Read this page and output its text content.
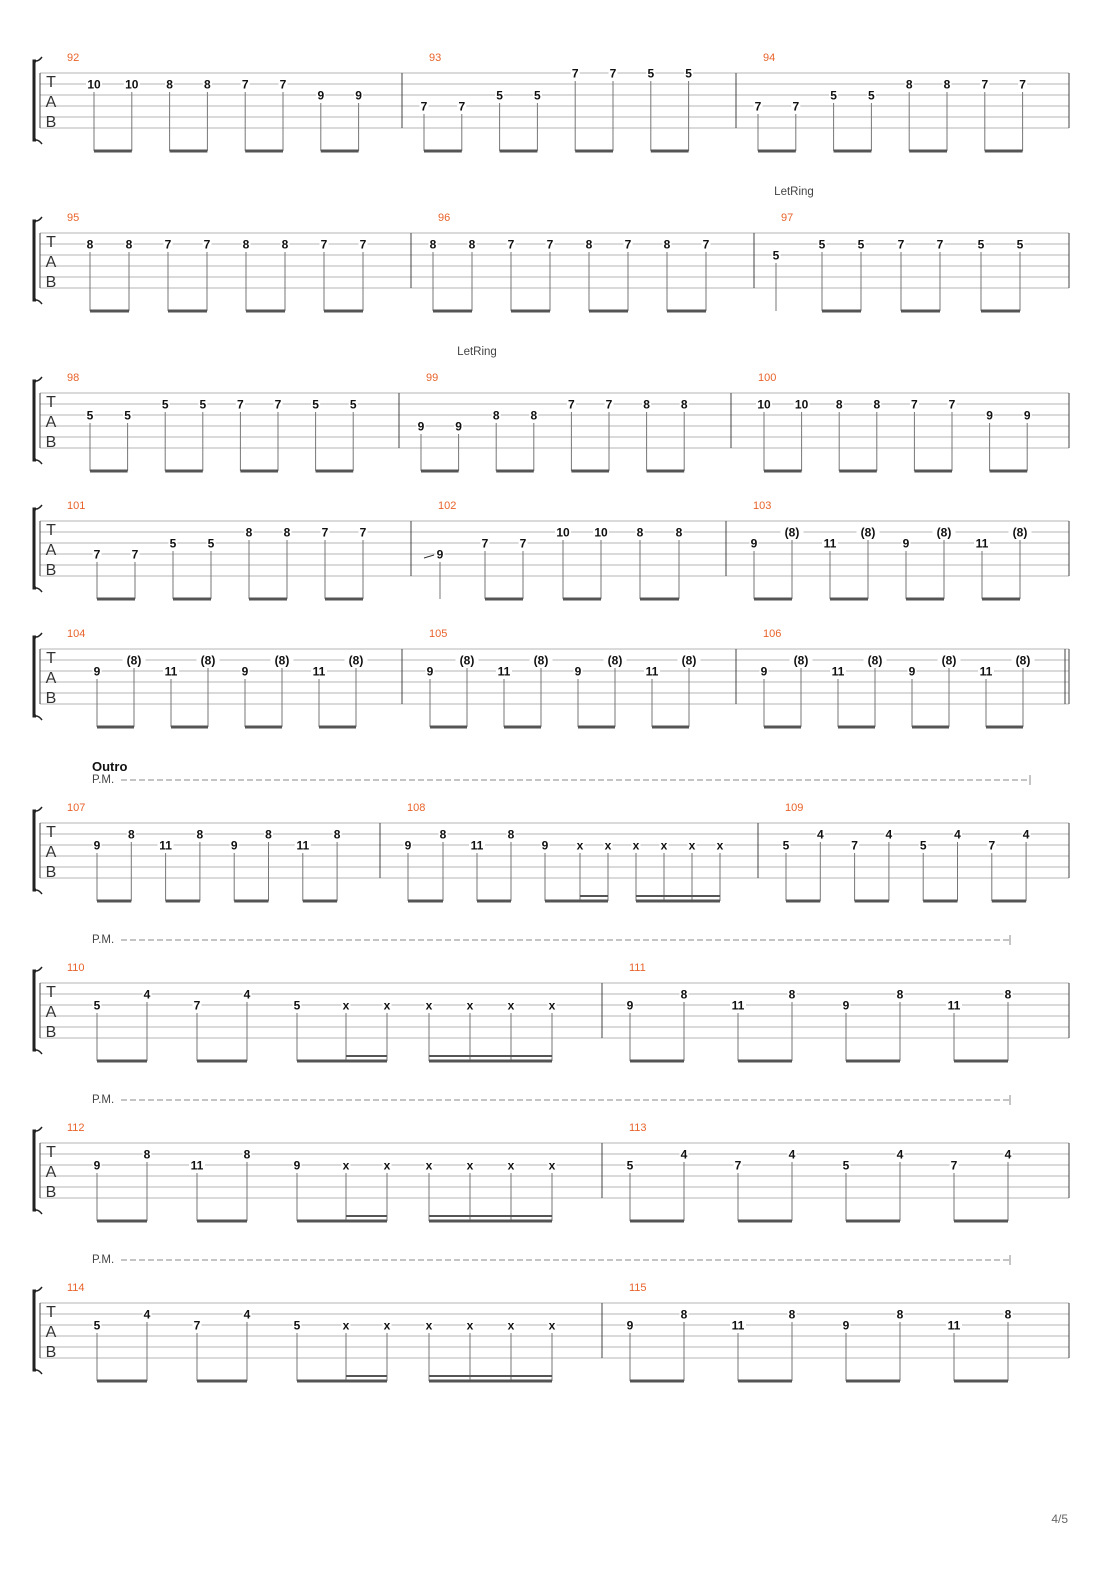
T
A
B
92
10 10 8	8	7	7
9	9
93
7	7
5	5
7	7	5	5
94
7	7
5	5
8	8	7	7
T
A
B
LetRing
95
8	8	7	7	8	8	7	7
96
8	8	7	7	8	7	8	7
97
5
5	5	7	7	5	5
T
A
B
LetRing
98
5	5
5	5	7	7	5	5
99
9	9
8	8
7	7	8	8
100
10 10 8	8	7	7
9	9
T
A
B
101
7	7
5	5
8	8	7	7
102
9
7	7
10 10 8	8
103
9
(8)
11
(8)
9
(8)
11
(8)
T
A
B
104
9
(8)
11
(8)
9
(8)
11
(8)
105
9
(8)
11
(8)
9
(8)
11
(8)
106
9
(8)
11
(8)
9
(8)
11
(8)
T
A
B
Outro
P.M.
107
9
8
11
8
9
8
11
8
108
9
8
11
8
9 x x x x x x
109
5
4
7
4
5
4
7
4
T
A
B
P.M.
110
5
4
7
4
5	x	x	x	x	x	x
111
9
8
11
8
9
8
11
8
T
A
B
P.M.
112
9
8
11
8
9	x	x	x	x	x	x
113
5
4
7
4
5
4
7
4
T
A
B
P.M.
114
5
4
7
4
5	x	x	x	x	x	x
115
9
8
11
8
9
8
11
8
4/5
